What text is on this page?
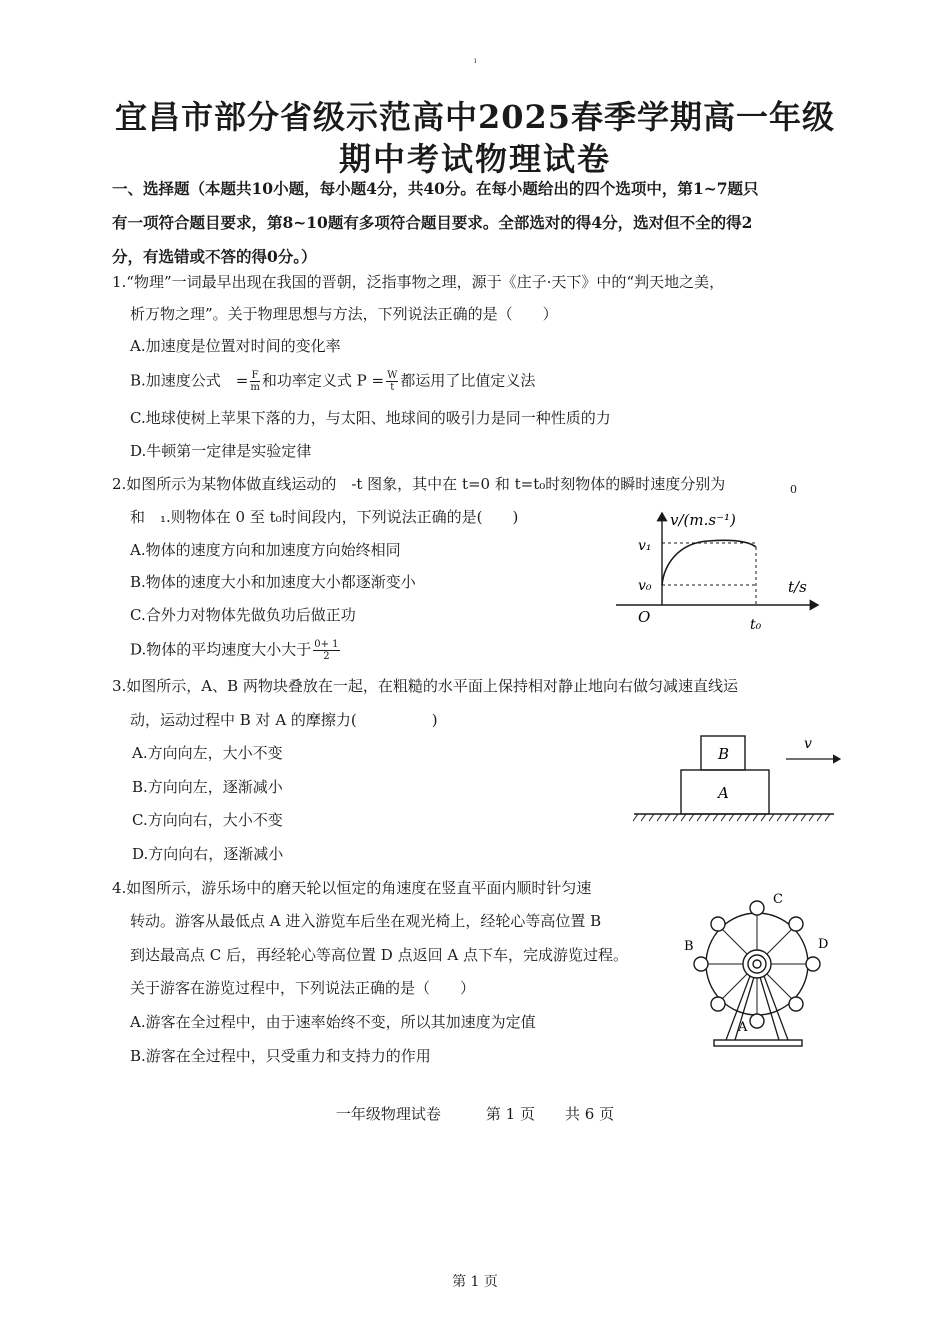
ı
宜昌市部分省级示范高中2025春季学期高一年级
期中考试物理试卷
一、选择题（本题共10小题，每小题4分，共40分。在每小题给出的四个选项中，第1~7题只
有一项符合题目要求，第8~10题有多项符合题目要求。全部选对的得4分，选对但不全的得2
分，有选错或不答的得0分。）
1.“物理”一词最早出现在我国的晋朝，泛指事物之理，源于《庄子·天下》中的“判天地之美，
析万物之理”。关于物理思想与方法，下列说法正确的是（　　）
A.加速度是位置对时间的变化率
B.加速度公式　= $\frac{F}{m}$ 和功率定义式 $P = \frac{W}{t}$ 都运用了比值定义法
C.地球使树上苹果下落的力，与太阳、地球间的吸引力是同一种性质的力
D.牛顿第一定律是实验定律
2.如图所示为某物体做直线运动的　-t 图象，其中在 t=0 和 t=t₀时刻物体的瞬时速度分别为	0
和　₁.则物体在 0 至 t₀时间段内，下列说法正确的是(　　)
A.物体的速度方向和加速度方向始终相同
B.物体的速度大小和加速度大小都逐渐变小
C.合外力对物体先做负功后做正功
D.物体的平均速度大小大于 $\frac{0+ 1}{2}$
v/(m.s⁻¹)
t/s
v₁
v₀
O	t₀
3.如图所示，A、B 两物块叠放在一起，在粗糙的水平面上保持相对静止地向右做匀减速直线运
动，运动过程中 B 对 A 的摩擦力(　　　　　)
A.方向向左，大小不变
B.方向向左，逐渐减小
C.方向向右，大小不变
D.方向向右，逐渐减小
B
A
v
4.如图所示，游乐场中的磨天轮以恒定的角速度在竖直平面内顺时针匀速
转动。游客从最低点 A 进入游览车后坐在观光椅上，经轮心等高位置 B
到达最高点 C 后，再经轮心等高位置 D 点返回 A 点下车，完成游览过程。
关于游客在游览过程中，下列说法正确的是（　　）
A.游客在全过程中，由于速率始终不变，所以其加速度为定值
B.游客在全过程中，只受重力和支持力的作用
C
B	D
A
一年级物理试卷　　　第 1 页　　共 6 页
第 1 页
